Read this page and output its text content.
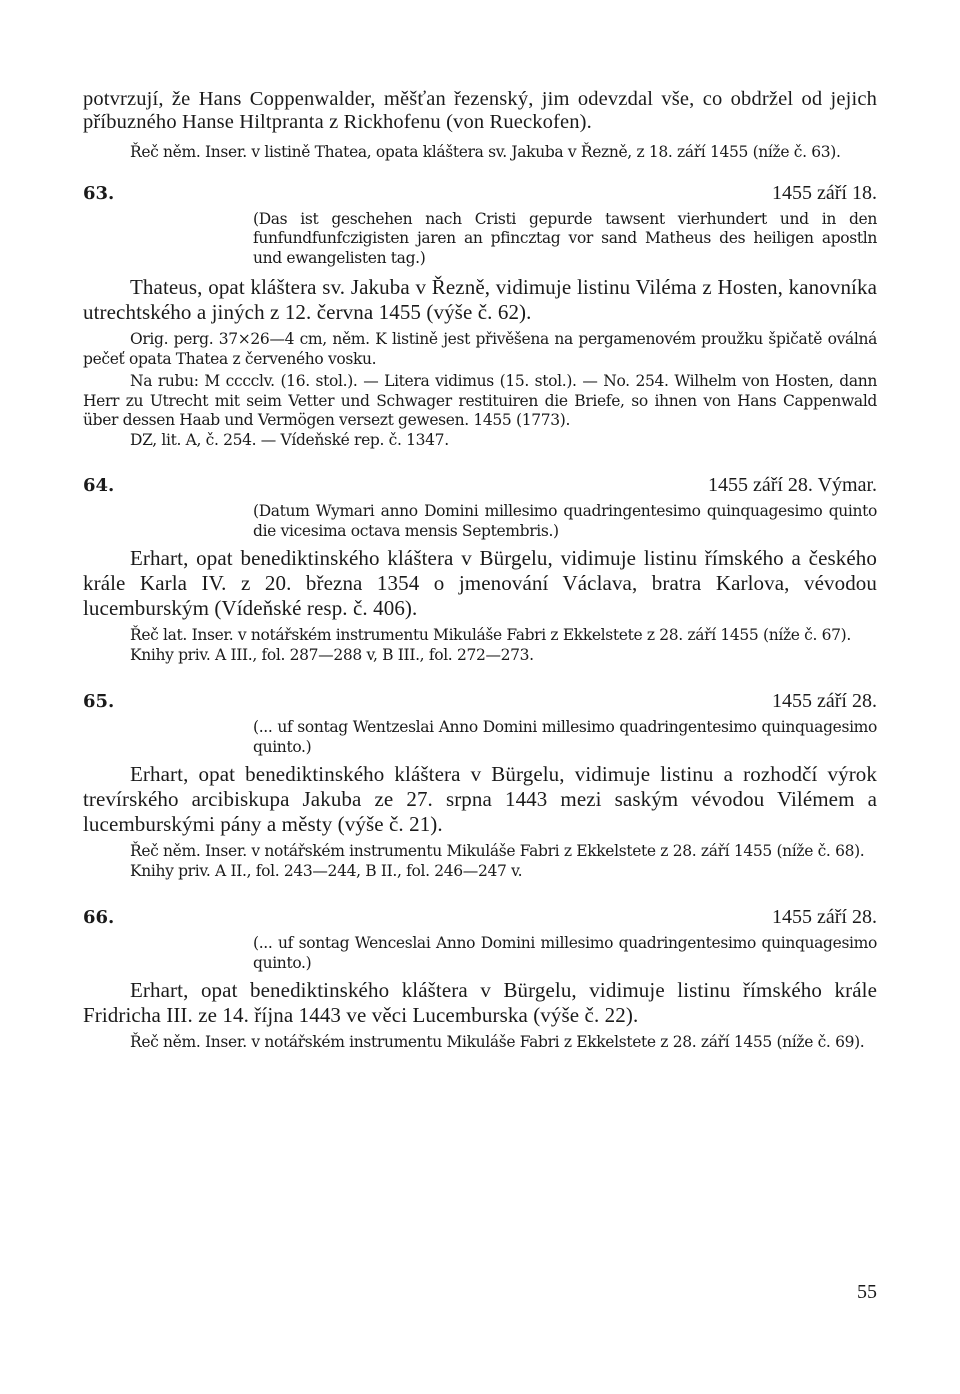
potvrzují, že Hans Coppenwalder, měšťan řezenský, jim odevzdal vše, co obdržel od jejich příbuzného Hanse Hiltpranta z Rickhofenu (von Rueckofen).

Řeč něm. Inser. v listině Thatea, opata kláštera sv. Jakuba v Řezně, z 18. září 1455 (níže č. 63).

63.	1455 září 18.

(Das ist geschehen nach Cristi gepurde tawsent vierhundert und in den funfundfunfczigisten jaren an pfincztag vor sand Matheus des heiligen apostln und ewangelisten tag.)

Thateus, opat kláštera sv. Jakuba v Řezně, vidimuje listinu Viléma z Hosten, kanovníka utrechtského a jiných z 12. června 1455 (výše č. 62).

Orig. perg. 37×26—4 cm, něm. K listině jest přivěšena na pergamenovém proužku špičatě oválná pečeť opata Thatea z červeného vosku.

Na rubu: M cccclv. (16. stol.). — Litera vidimus (15. stol.). — No. 254. Wilhelm von Hosten, dann Herr zu Utrecht mit seim Vetter und Schwager restituiren die Briefe, so ihnen von Hans Cappenwald über dessen Haab und Vermögen versezt gewesen. 1455 (1773).

DZ, lit. A, č. 254. — Vídeňské rep. č. 1347.

64.	1455 září 28. Výmar.

(Datum Wymari anno Domini millesimo quadringentesimo quinquagesimo quinto die vicesima octava mensis Septembris.)

Erhart, opat benediktinského kláštera v Bürgelu, vidimuje listinu římského a českého krále Karla IV. z 20. března 1354 o jmenování Václava, bratra Karlova, vévodou lucemburským (Vídeňské resp. č. 406).

Řeč lat. Inser. v notářském instrumentu Mikuláše Fabri z Ekkelstete z 28. září 1455 (níže č. 67).

Knihy priv. A III., fol. 287—288 v, B III., fol. 272—273.

65.	1455 září 28.

(... uf sontag Wentzeslai Anno Domini millesimo quadringentesimo quinquagesimo quinto.)

Erhart, opat benediktinského kláštera v Bürgelu, vidimuje listinu a rozhodčí výrok trevírského arcibiskupa Jakuba ze 27. srpna 1443 mezi saským vévodou Vilémem a lucemburskými pány a městy (výše č. 21).

Řeč něm. Inser. v notářském instrumentu Mikuláše Fabri z Ekkelstete z 28. září 1455 (níže č. 68).

Knihy priv. A II., fol. 243—244, B II., fol. 246—247 v.

66.	1455 září 28.

(... uf sontag Wenceslai Anno Domini millesimo quadringentesimo quinquagesimo quinto.)

Erhart, opat benediktinského kláštera v Bürgelu, vidimuje listinu římského krále Fridricha III. ze 14. října 1443 ve věci Lucemburska (výše č. 22).

Řeč něm. Inser. v notářském instrumentu Mikuláše Fabri z Ekkelstete z 28. září 1455 (níže č. 69).

55
